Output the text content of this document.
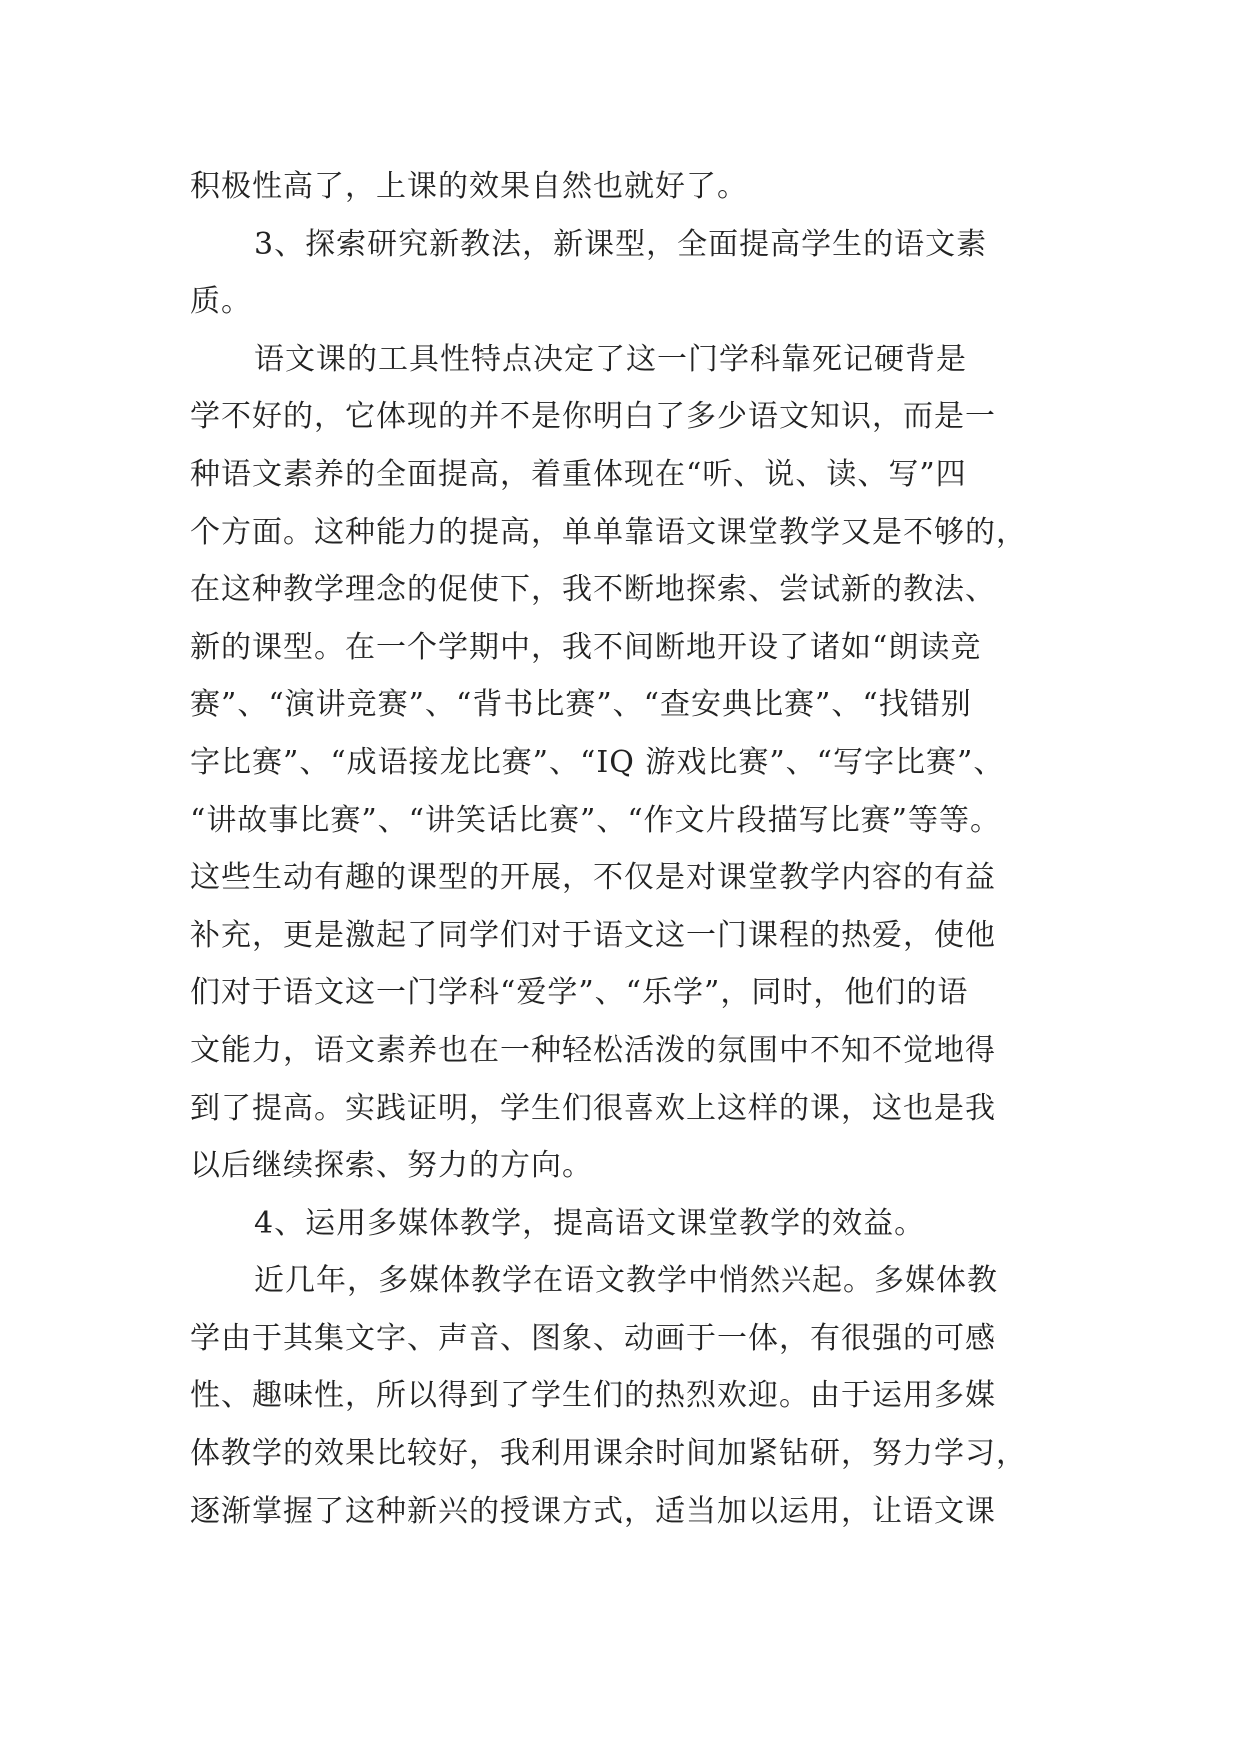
积极性高了，上课的效果自然也就好了。
3、探索研究新教法，新课型，全面提高学生的语文素
质。
语文课的工具性特点决定了这一门学科靠死记硬背是
学不好的，它体现的并不是你明白了多少语文知识，而是一
种语文素养的全面提高，着重体现在“听、说、读、写”四
个方面。这种能力的提高，单单靠语文课堂教学又是不够的，
在这种教学理念的促使下，我不断地探索、尝试新的教法、
新的课型。在一个学期中，我不间断地开设了诸如“朗读竞
赛”、“演讲竞赛”、“背书比赛”、“查安典比赛”、“找错别
字比赛”、“成语接龙比赛”、“IQ 游戏比赛”、“写字比赛”、
“讲故事比赛”、“讲笑话比赛”、“作文片段描写比赛”等等。
这些生动有趣的课型的开展，不仅是对课堂教学内容的有益
补充，更是激起了同学们对于语文这一门课程的热爱，使他
们对于语文这一门学科“爱学”、“乐学”，同时，他们的语
文能力，语文素养也在一种轻松活泼的氛围中不知不觉地得
到了提高。实践证明，学生们很喜欢上这样的课，这也是我
以后继续探索、努力的方向。
4、运用多媒体教学，提高语文课堂教学的效益。
近几年，多媒体教学在语文教学中悄然兴起。多媒体教
学由于其集文字、声音、图象、动画于一体，有很强的可感
性、趣味性，所以得到了学生们的热烈欢迎。由于运用多媒
体教学的效果比较好，我利用课余时间加紧钻研，努力学习，
逐渐掌握了这种新兴的授课方式，适当加以运用，让语文课
